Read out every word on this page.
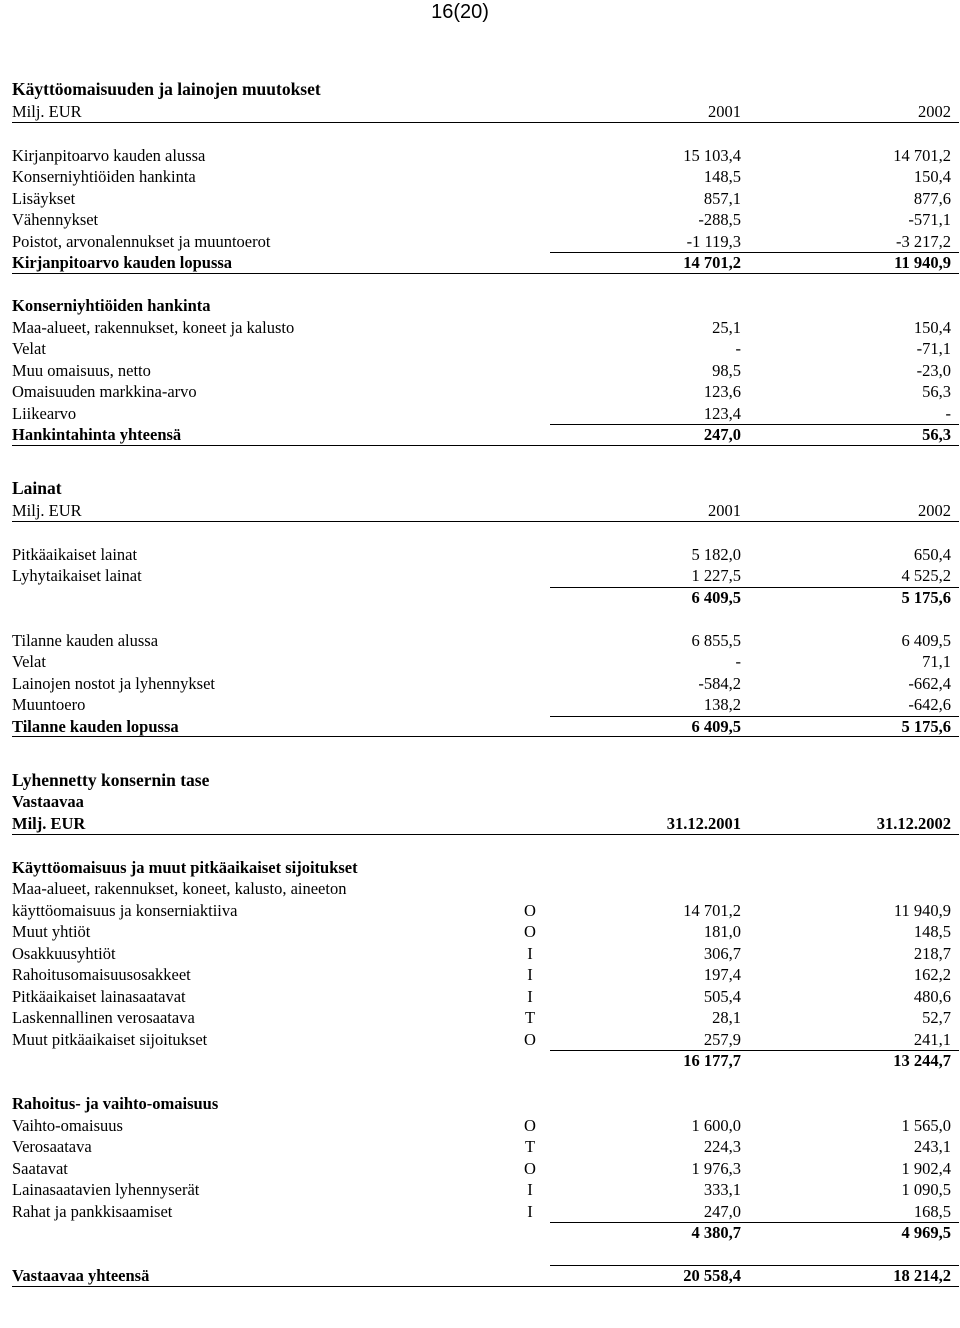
16(20)
Käyttöomaisuuden ja lainojen muutokset
Milj. EUR	2001	2002
Kirjanpitoarvo kauden alussa	15 103,4	14 701,2
Konserniyhtiöiden hankinta	148,5	150,4
Lisäykset	857,1	877,6
Vähennykset	-288,5	-571,1
Poistot, arvonalennukset ja muuntoerot	-1 119,3	-3 217,2
Kirjanpitoarvo kauden lopussa	14 701,2	11 940,9
Konserniyhtiöiden hankinta
Maa-alueet, rakennukset, koneet ja kalusto	25,1	150,4
Velat	-	-71,1
Muu omaisuus, netto	98,5	-23,0
Omaisuuden markkina-arvo	123,6	56,3
Liikearvo	123,4	-
Hankintahinta yhteensä	247,0	56,3
Lainat
Milj. EUR	2001	2002
Pitkäaikaiset lainat	5 182,0	650,4
Lyhytaikaiset lainat	1 227,5	4 525,2
6 409,5	5 175,6
Tilanne kauden alussa	6 855,5	6 409,5
Velat	-	71,1
Lainojen nostot ja lyhennykset	-584,2	-662,4
Muuntoero	138,2	-642,6
Tilanne kauden lopussa	6 409,5	5 175,6
Lyhennetty konsernin tase
Vastaavaa
Milj. EUR	31.12.2001	31.12.2002
Käyttöomaisuus ja muut pitkäaikaiset sijoitukset
Maa-alueet, rakennukset, koneet, kalusto, aineeton
käyttöomaisuus ja konserniaktiiva	O	14 701,2	11 940,9
Muut yhtiöt	O	181,0	148,5
Osakkuusyhtiöt	I	306,7	218,7
Rahoitusomaisuusosakkeet	I	197,4	162,2
Pitkäaikaiset lainasaatavat	I	505,4	480,6
Laskennallinen verosaatava	T	28,1	52,7
Muut pitkäaikaiset sijoitukset	O	257,9	241,1
16 177,7	13 244,7
Rahoitus- ja vaihto-omaisuus
Vaihto-omaisuus	O	1 600,0	1 565,0
Verosaatava	T	224,3	243,1
Saatavat	O	1 976,3	1 902,4
Lainasaatavien lyhennyserät	I	333,1	1 090,5
Rahat ja pankkisaamiset	I	247,0	168,5
4 380,7	4 969,5
Vastaavaa yhteensä	20 558,4	18 214,2
